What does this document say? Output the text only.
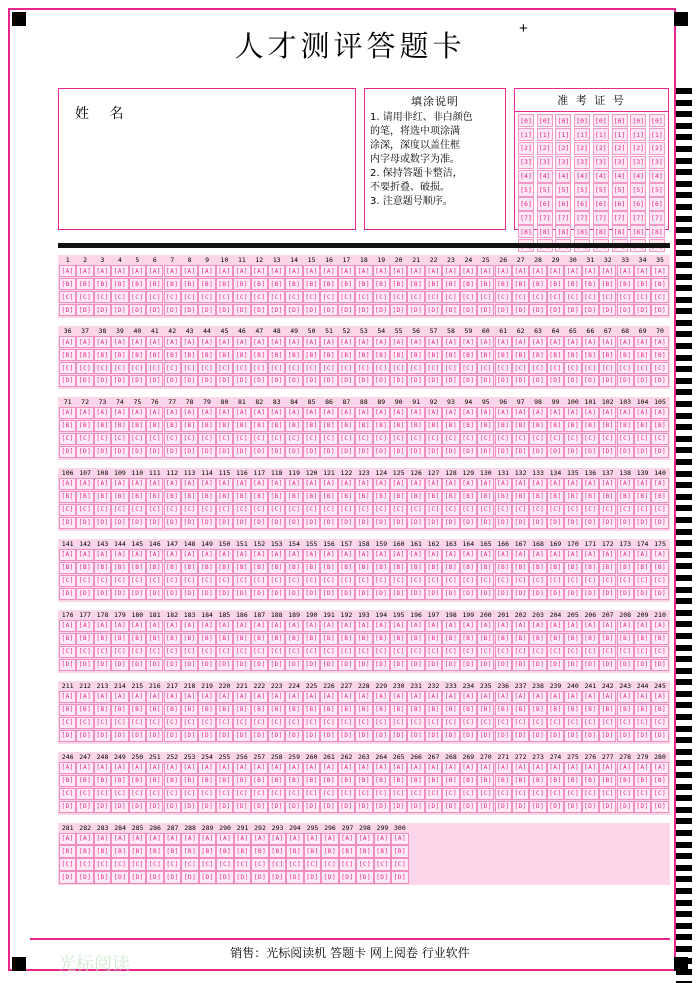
人才测评答题卡
+
姓 名
填涂说明
1. 请用非红、非白颜色
的笔，将选中项涂满
涂深，深度以盖住框
内字母或数字为准。
2. 保持答题卡整洁，
不要折叠、破损。
3. 注意题号顺序。
准 考 证 号
[0]
[1]
[2]
[3]
[4]
[5]
[6]
[7]
[8]
[0]
[1]
[2]
[3]
[4]
[5]
[6]
[7]
[8]
[0]
[1]
[2]
[3]
[4]
[5]
[6]
[7]
[8]
[0]
[1]
[2]
[3]
[4]
[5]
[6]
[7]
[8]
[0]
[1]
[2]
[3]
[4]
[5]
[6]
[7]
[8]
[0]
[1]
[2]
[3]
[4]
[5]
[6]
[7]
[8]
[0]
[1]
[2]
[3]
[4]
[5]
[6]
[7]
[8]
[0]
[1]
[2]
[3]
[4]
[5]
[6]
[7]
[8]
1
[A]
[B]
[C]
[D]
2
[A]
[B]
[C]
[D]
3
[A]
[B]
[C]
[D]
4
[A]
[B]
[C]
[D]
5
[A]
[B]
[C]
[D]
6
[A]
[B]
[C]
[D]
7
[A]
[B]
[C]
[D]
8
[A]
[B]
[C]
[D]
9
[A]
[B]
[C]
[D]
10
[A]
[B]
[C]
[D]
11
[A]
[B]
[C]
[D]
12
[A]
[B]
[C]
[D]
13
[A]
[B]
[C]
[D]
14
[A]
[B]
[C]
[D]
15
[A]
[B]
[C]
[D]
16
[A]
[B]
[C]
[D]
17
[A]
[B]
[C]
[D]
18
[A]
[B]
[C]
[D]
19
[A]
[B]
[C]
[D]
20
[A]
[B]
[C]
[D]
21
[A]
[B]
[C]
[D]
22
[A]
[B]
[C]
[D]
23
[A]
[B]
[C]
[D]
24
[A]
[B]
[C]
[D]
25
[A]
[B]
[C]
[D]
26
[A]
[B]
[C]
[D]
27
[A]
[B]
[C]
[D]
28
[A]
[B]
[C]
[D]
29
[A]
[B]
[C]
[D]
30
[A]
[B]
[C]
[D]
31
[A]
[B]
[C]
[D]
32
[A]
[B]
[C]
[D]
33
[A]
[B]
[C]
[D]
34
[A]
[B]
[C]
[D]
35
[A]
[B]
[C]
[D]
36
[A]
[B]
[C]
[D]
37
[A]
[B]
[C]
[D]
38
[A]
[B]
[C]
[D]
39
[A]
[B]
[C]
[D]
40
[A]
[B]
[C]
[D]
41
[A]
[B]
[C]
[D]
42
[A]
[B]
[C]
[D]
43
[A]
[B]
[C]
[D]
44
[A]
[B]
[C]
[D]
45
[A]
[B]
[C]
[D]
46
[A]
[B]
[C]
[D]
47
[A]
[B]
[C]
[D]
48
[A]
[B]
[C]
[D]
49
[A]
[B]
[C]
[D]
50
[A]
[B]
[C]
[D]
51
[A]
[B]
[C]
[D]
52
[A]
[B]
[C]
[D]
53
[A]
[B]
[C]
[D]
54
[A]
[B]
[C]
[D]
55
[A]
[B]
[C]
[D]
56
[A]
[B]
[C]
[D]
57
[A]
[B]
[C]
[D]
58
[A]
[B]
[C]
[D]
59
[A]
[B]
[C]
[D]
60
[A]
[B]
[C]
[D]
61
[A]
[B]
[C]
[D]
62
[A]
[B]
[C]
[D]
63
[A]
[B]
[C]
[D]
64
[A]
[B]
[C]
[D]
65
[A]
[B]
[C]
[D]
66
[A]
[B]
[C]
[D]
67
[A]
[B]
[C]
[D]
68
[A]
[B]
[C]
[D]
69
[A]
[B]
[C]
[D]
70
[A]
[B]
[C]
[D]
71
[A]
[B]
[C]
[D]
72
[A]
[B]
[C]
[D]
73
[A]
[B]
[C]
[D]
74
[A]
[B]
[C]
[D]
75
[A]
[B]
[C]
[D]
76
[A]
[B]
[C]
[D]
77
[A]
[B]
[C]
[D]
78
[A]
[B]
[C]
[D]
79
[A]
[B]
[C]
[D]
80
[A]
[B]
[C]
[D]
81
[A]
[B]
[C]
[D]
82
[A]
[B]
[C]
[D]
83
[A]
[B]
[C]
[D]
84
[A]
[B]
[C]
[D]
85
[A]
[B]
[C]
[D]
86
[A]
[B]
[C]
[D]
87
[A]
[B]
[C]
[D]
88
[A]
[B]
[C]
[D]
89
[A]
[B]
[C]
[D]
90
[A]
[B]
[C]
[D]
91
[A]
[B]
[C]
[D]
92
[A]
[B]
[C]
[D]
93
[A]
[B]
[C]
[D]
94
[A]
[B]
[C]
[D]
95
[A]
[B]
[C]
[D]
96
[A]
[B]
[C]
[D]
97
[A]
[B]
[C]
[D]
98
[A]
[B]
[C]
[D]
99
[A]
[B]
[C]
[D]
100
[A]
[B]
[C]
[D]
101
[A]
[B]
[C]
[D]
102
[A]
[B]
[C]
[D]
103
[A]
[B]
[C]
[D]
104
[A]
[B]
[C]
[D]
105
[A]
[B]
[C]
[D]
106
[A]
[B]
[C]
[D]
107
[A]
[B]
[C]
[D]
108
[A]
[B]
[C]
[D]
109
[A]
[B]
[C]
[D]
110
[A]
[B]
[C]
[D]
111
[A]
[B]
[C]
[D]
112
[A]
[B]
[C]
[D]
113
[A]
[B]
[C]
[D]
114
[A]
[B]
[C]
[D]
115
[A]
[B]
[C]
[D]
116
[A]
[B]
[C]
[D]
117
[A]
[B]
[C]
[D]
118
[A]
[B]
[C]
[D]
119
[A]
[B]
[C]
[D]
120
[A]
[B]
[C]
[D]
121
[A]
[B]
[C]
[D]
122
[A]
[B]
[C]
[D]
123
[A]
[B]
[C]
[D]
124
[A]
[B]
[C]
[D]
125
[A]
[B]
[C]
[D]
126
[A]
[B]
[C]
[D]
127
[A]
[B]
[C]
[D]
128
[A]
[B]
[C]
[D]
129
[A]
[B]
[C]
[D]
130
[A]
[B]
[C]
[D]
131
[A]
[B]
[C]
[D]
132
[A]
[B]
[C]
[D]
133
[A]
[B]
[C]
[D]
134
[A]
[B]
[C]
[D]
135
[A]
[B]
[C]
[D]
136
[A]
[B]
[C]
[D]
137
[A]
[B]
[C]
[D]
138
[A]
[B]
[C]
[D]
139
[A]
[B]
[C]
[D]
140
[A]
[B]
[C]
[D]
141
[A]
[B]
[C]
[D]
142
[A]
[B]
[C]
[D]
143
[A]
[B]
[C]
[D]
144
[A]
[B]
[C]
[D]
145
[A]
[B]
[C]
[D]
146
[A]
[B]
[C]
[D]
147
[A]
[B]
[C]
[D]
148
[A]
[B]
[C]
[D]
149
[A]
[B]
[C]
[D]
150
[A]
[B]
[C]
[D]
151
[A]
[B]
[C]
[D]
152
[A]
[B]
[C]
[D]
153
[A]
[B]
[C]
[D]
154
[A]
[B]
[C]
[D]
155
[A]
[B]
[C]
[D]
156
[A]
[B]
[C]
[D]
157
[A]
[B]
[C]
[D]
158
[A]
[B]
[C]
[D]
159
[A]
[B]
[C]
[D]
160
[A]
[B]
[C]
[D]
161
[A]
[B]
[C]
[D]
162
[A]
[B]
[C]
[D]
163
[A]
[B]
[C]
[D]
164
[A]
[B]
[C]
[D]
165
[A]
[B]
[C]
[D]
166
[A]
[B]
[C]
[D]
167
[A]
[B]
[C]
[D]
168
[A]
[B]
[C]
[D]
169
[A]
[B]
[C]
[D]
170
[A]
[B]
[C]
[D]
171
[A]
[B]
[C]
[D]
172
[A]
[B]
[C]
[D]
173
[A]
[B]
[C]
[D]
174
[A]
[B]
[C]
[D]
175
[A]
[B]
[C]
[D]
176
[A]
[B]
[C]
[D]
177
[A]
[B]
[C]
[D]
178
[A]
[B]
[C]
[D]
179
[A]
[B]
[C]
[D]
180
[A]
[B]
[C]
[D]
181
[A]
[B]
[C]
[D]
182
[A]
[B]
[C]
[D]
183
[A]
[B]
[C]
[D]
184
[A]
[B]
[C]
[D]
185
[A]
[B]
[C]
[D]
186
[A]
[B]
[C]
[D]
187
[A]
[B]
[C]
[D]
188
[A]
[B]
[C]
[D]
189
[A]
[B]
[C]
[D]
190
[A]
[B]
[C]
[D]
191
[A]
[B]
[C]
[D]
192
[A]
[B]
[C]
[D]
193
[A]
[B]
[C]
[D]
194
[A]
[B]
[C]
[D]
195
[A]
[B]
[C]
[D]
196
[A]
[B]
[C]
[D]
197
[A]
[B]
[C]
[D]
198
[A]
[B]
[C]
[D]
199
[A]
[B]
[C]
[D]
200
[A]
[B]
[C]
[D]
201
[A]
[B]
[C]
[D]
202
[A]
[B]
[C]
[D]
203
[A]
[B]
[C]
[D]
204
[A]
[B]
[C]
[D]
205
[A]
[B]
[C]
[D]
206
[A]
[B]
[C]
[D]
207
[A]
[B]
[C]
[D]
208
[A]
[B]
[C]
[D]
209
[A]
[B]
[C]
[D]
210
[A]
[B]
[C]
[D]
211
[A]
[B]
[C]
[D]
212
[A]
[B]
[C]
[D]
213
[A]
[B]
[C]
[D]
214
[A]
[B]
[C]
[D]
215
[A]
[B]
[C]
[D]
216
[A]
[B]
[C]
[D]
217
[A]
[B]
[C]
[D]
218
[A]
[B]
[C]
[D]
219
[A]
[B]
[C]
[D]
220
[A]
[B]
[C]
[D]
221
[A]
[B]
[C]
[D]
222
[A]
[B]
[C]
[D]
223
[A]
[B]
[C]
[D]
224
[A]
[B]
[C]
[D]
225
[A]
[B]
[C]
[D]
226
[A]
[B]
[C]
[D]
227
[A]
[B]
[C]
[D]
228
[A]
[B]
[C]
[D]
229
[A]
[B]
[C]
[D]
230
[A]
[B]
[C]
[D]
231
[A]
[B]
[C]
[D]
232
[A]
[B]
[C]
[D]
233
[A]
[B]
[C]
[D]
234
[A]
[B]
[C]
[D]
235
[A]
[B]
[C]
[D]
236
[A]
[B]
[C]
[D]
237
[A]
[B]
[C]
[D]
238
[A]
[B]
[C]
[D]
239
[A]
[B]
[C]
[D]
240
[A]
[B]
[C]
[D]
241
[A]
[B]
[C]
[D]
242
[A]
[B]
[C]
[D]
243
[A]
[B]
[C]
[D]
244
[A]
[B]
[C]
[D]
245
[A]
[B]
[C]
[D]
246
[A]
[B]
[C]
[D]
247
[A]
[B]
[C]
[D]
248
[A]
[B]
[C]
[D]
249
[A]
[B]
[C]
[D]
250
[A]
[B]
[C]
[D]
251
[A]
[B]
[C]
[D]
252
[A]
[B]
[C]
[D]
253
[A]
[B]
[C]
[D]
254
[A]
[B]
[C]
[D]
255
[A]
[B]
[C]
[D]
256
[A]
[B]
[C]
[D]
257
[A]
[B]
[C]
[D]
258
[A]
[B]
[C]
[D]
259
[A]
[B]
[C]
[D]
260
[A]
[B]
[C]
[D]
261
[A]
[B]
[C]
[D]
262
[A]
[B]
[C]
[D]
263
[A]
[B]
[C]
[D]
264
[A]
[B]
[C]
[D]
265
[A]
[B]
[C]
[D]
266
[A]
[B]
[C]
[D]
267
[A]
[B]
[C]
[D]
268
[A]
[B]
[C]
[D]
269
[A]
[B]
[C]
[D]
270
[A]
[B]
[C]
[D]
271
[A]
[B]
[C]
[D]
272
[A]
[B]
[C]
[D]
273
[A]
[B]
[C]
[D]
274
[A]
[B]
[C]
[D]
275
[A]
[B]
[C]
[D]
276
[A]
[B]
[C]
[D]
277
[A]
[B]
[C]
[D]
278
[A]
[B]
[C]
[D]
279
[A]
[B]
[C]
[D]
280
[A]
[B]
[C]
[D]
281
[A]
[B]
[C]
[D]
282
[A]
[B]
[C]
[D]
283
[A]
[B]
[C]
[D]
284
[A]
[B]
[C]
[D]
285
[A]
[B]
[C]
[D]
286
[A]
[B]
[C]
[D]
287
[A]
[B]
[C]
[D]
288
[A]
[B]
[C]
[D]
289
[A]
[B]
[C]
[D]
290
[A]
[B]
[C]
[D]
291
[A]
[B]
[C]
[D]
292
[A]
[B]
[C]
[D]
293
[A]
[B]
[C]
[D]
294
[A]
[B]
[C]
[D]
295
[A]
[B]
[C]
[D]
296
[A]
[B]
[C]
[D]
297
[A]
[B]
[C]
[D]
298
[A]
[B]
[C]
[D]
299
[A]
[B]
[C]
[D]
300
[A]
[B]
[C]
[D]
光标阅读
销售：光标阅读机 答题卡 网上阅卷 行业软件
